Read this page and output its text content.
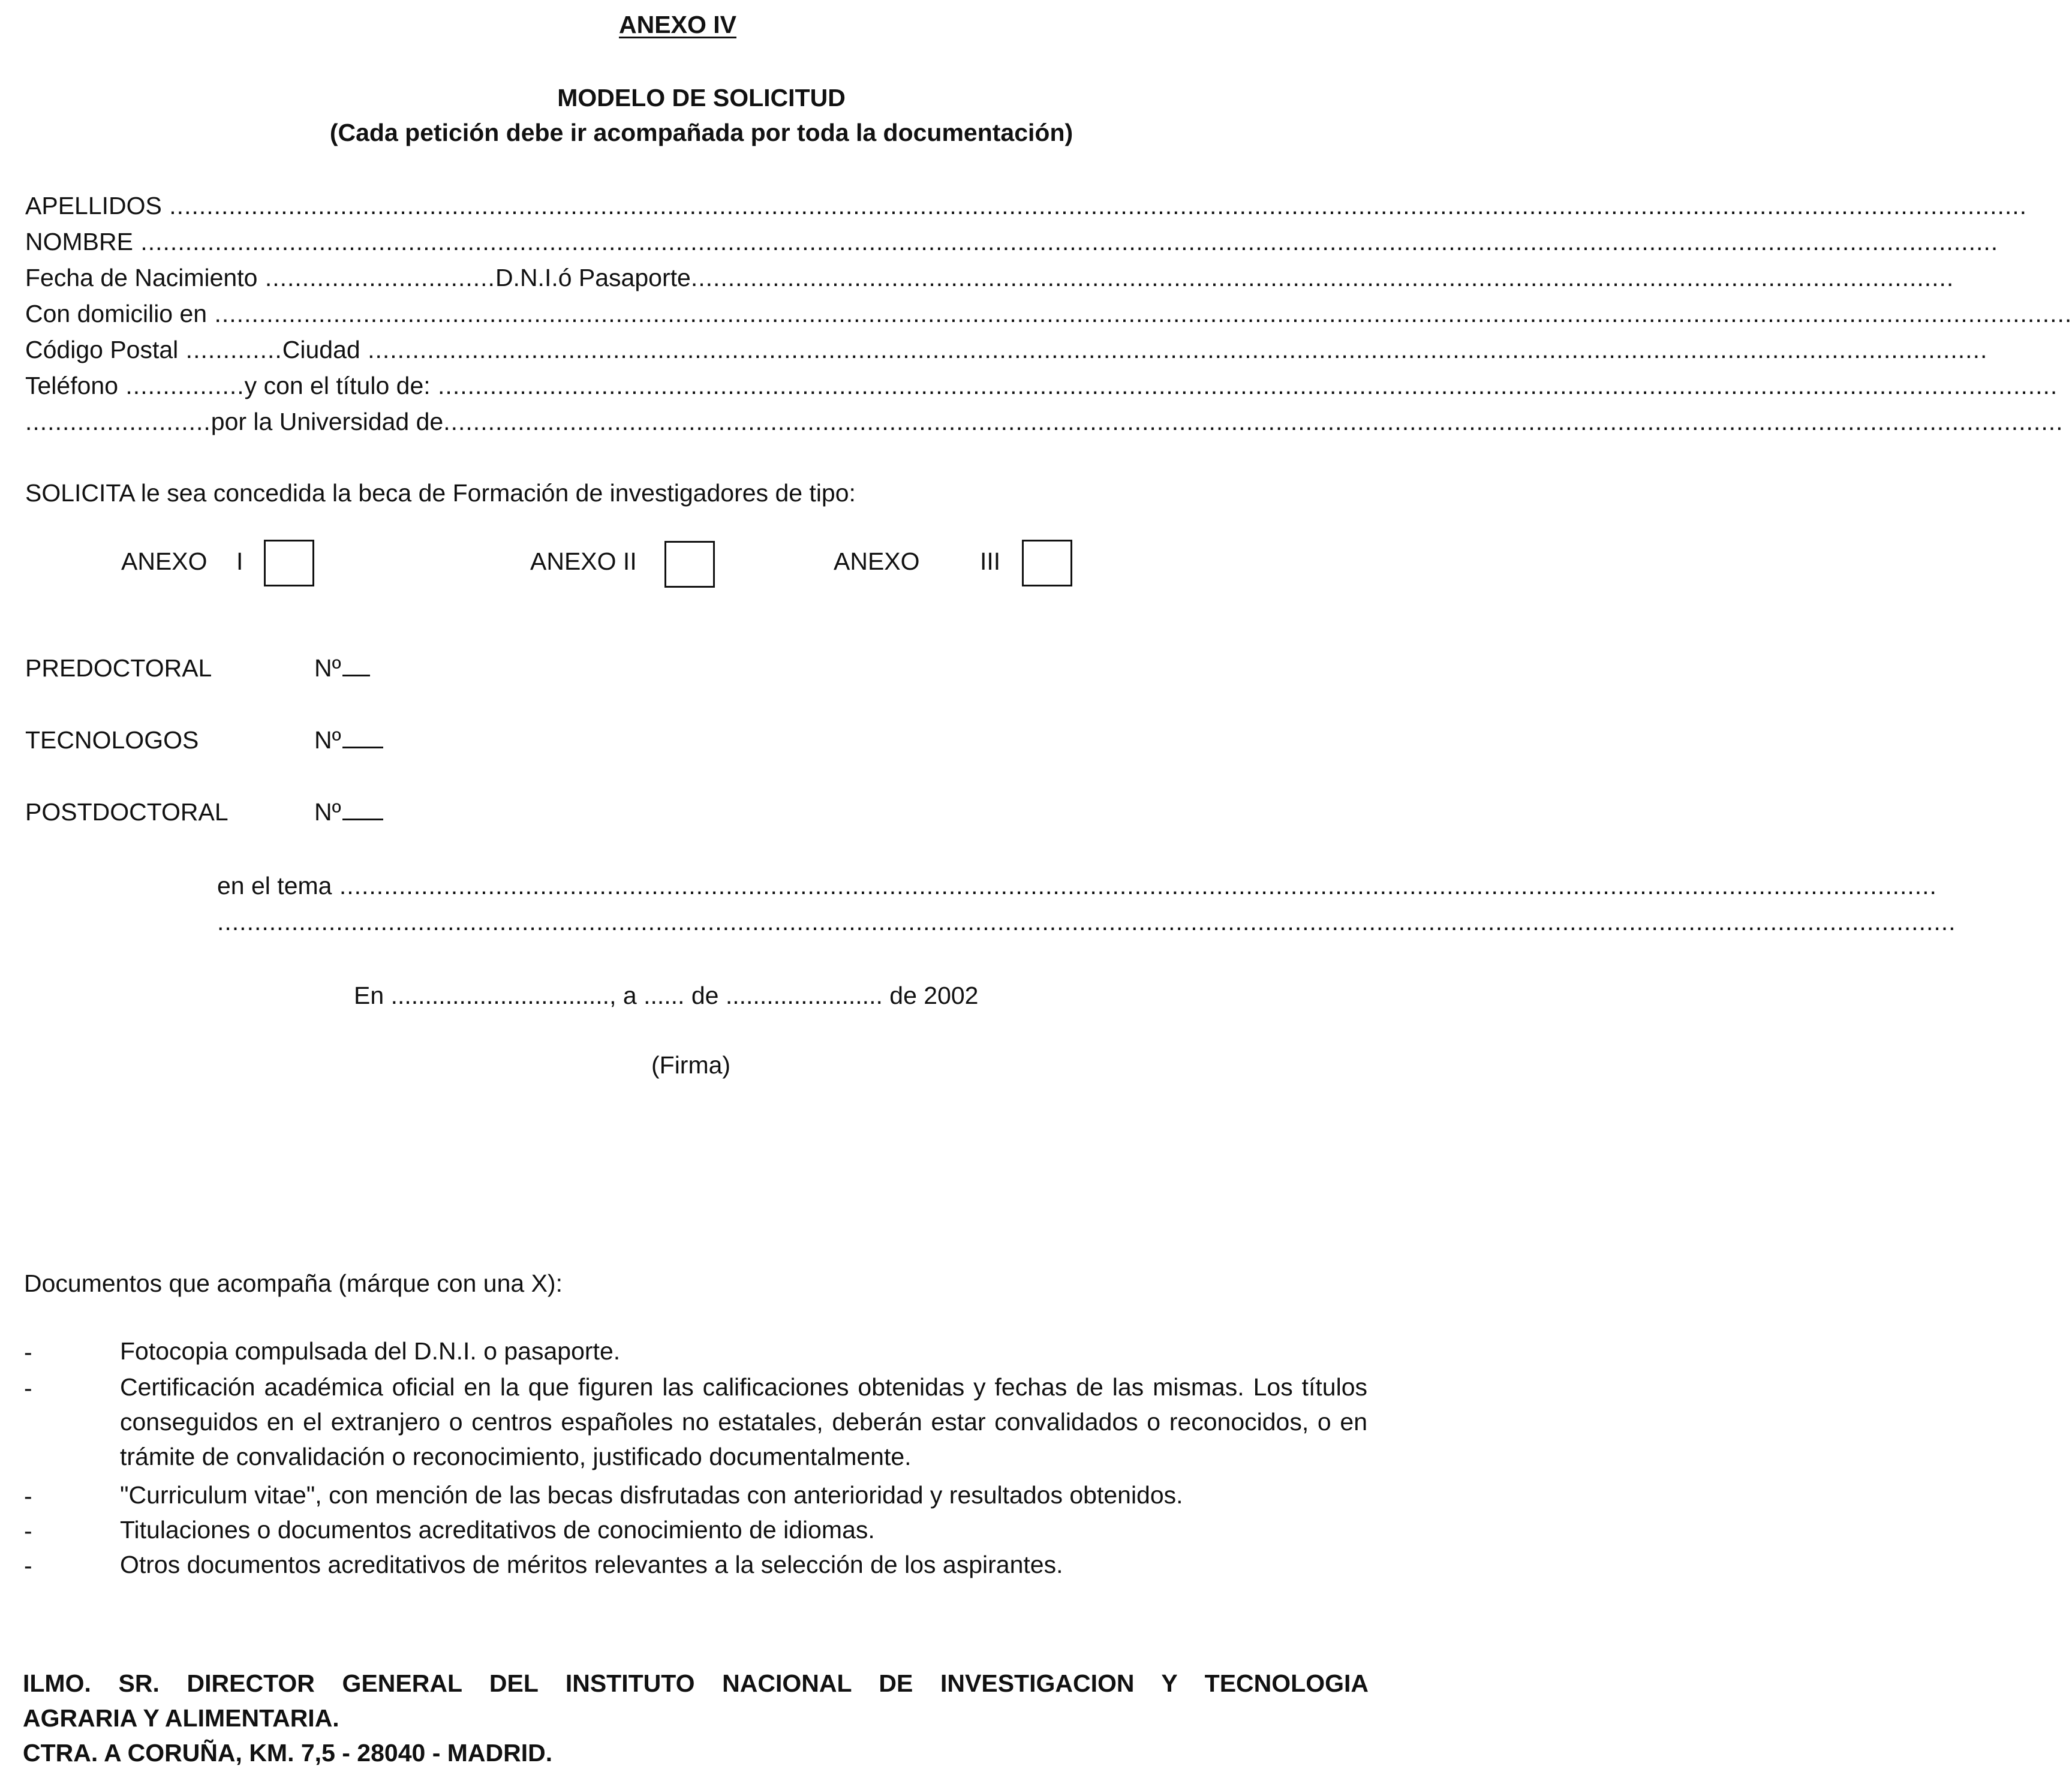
ANEXO IV
MODELO DE SOLICITUD
(Cada petición debe ir acompañada por toda la documentación)
APELLIDOS ..........................................................................................................................................................................................................................................................
NOMBRE ..........................................................................................................................................................................................................................................................
Fecha de Nacimiento ............................... D.N.I.ó Pasaporte ..........................................................................................................................................................................
Con domicilio en ..........................................................................................................................................................................................................................................................
Código Postal ............. Ciudad ..........................................................................................................................................................................................................................
Teléfono ................ y con el título de: ..........................................................................................................................................................................................................................
......................... por la Universidad de ..........................................................................................................................................................................................................................
SOLICITA le sea concedida la beca de Formación de investigadores de tipo:
ANEXO I	ANEXO II	ANEXO III
PREDOCTORAL	Nº
TECNOLOGOS	Nº
POSTDOCTORAL	Nº
en el tema .......................................................................................................................................................................................................................
..........................................................................................................................................................................................................................................
En ................................, a ...... de ....................... de 2002
(Firma)
Documentos que acompaña (márque con una X):
-	Fotocopia compulsada del D.N.I. o pasaporte.
-	Certificación académica oficial en la que figuren las calificaciones obtenidas y fechas de las mismas. Los títulos conseguidos en el extranjero o centros españoles no estatales, deberán estar convalidados o reconocidos, o en trámite de convalidación o reconocimiento, justificado documentalmente.
-	"Curriculum vitae", con mención de las becas disfrutadas con anterioridad y resultados obtenidos.
-	Titulaciones o documentos acreditativos de conocimiento de idiomas.
-	Otros documentos acreditativos de méritos relevantes a la selección de los aspirantes.
ILMO. SR. DIRECTOR GENERAL DEL INSTITUTO NACIONAL DE INVESTIGACION Y TECNOLOGIA
AGRARIA Y ALIMENTARIA.
CTRA. A CORUÑA, KM. 7,5 - 28040 - MADRID.
